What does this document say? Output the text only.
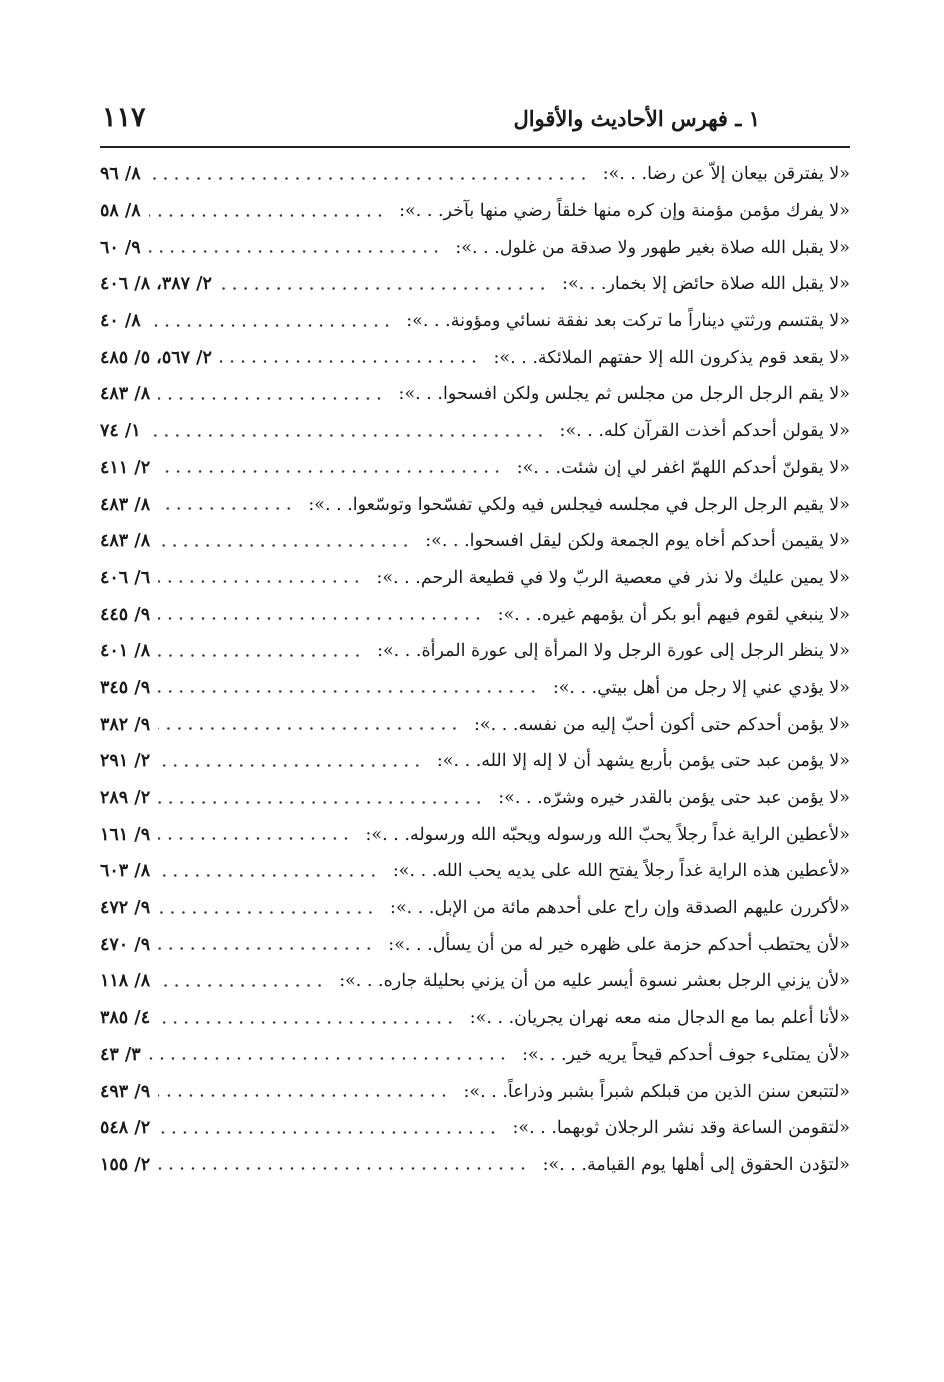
١ ـ فهرس الأحاديث والأقوال
١١٧
«لا يفترقن بيعان إلاّ عن رضا. . .»:
٨/ ٩٦
«لا يفرك مؤمن مؤمنة وإن كره منها خلقاً رضي منها بآخر. . .»:
٨/ ٥٨
«لا يقبل الله صلاة بغير طهور ولا صدقة من غلول. . .»:
٩/ ٦٠
«لا يقبل الله صلاة حائض إلا بخمار. . .»:
٢/ ٣٨٧، ٨/ ٤٠٦
«لا يقتسم ورثتي ديناراً ما تركت بعد نفقة نسائي ومؤونة. . .»:
٨/ ٤٠
«لا يقعد قوم يذكرون الله إلا حفتهم الملائكة. . .»:
٢/ ٥٦٧، ٥/ ٤٨٥
«لا يقم الرجل الرجل من مجلس ثم يجلس ولكن افسحوا. . .»:
٨/ ٤٨٣
«لا يقولن أحدكم أخذت القرآن كله. . .»:
١/ ٧٤
«لا يقولنّ أحدكم اللهمّ اغفر لي إن شئت. . .»:
٢/ ٤١١
«لا يقيم الرجل الرجل في مجلسه فيجلس فيه ولكي تفسّحوا وتوسّعوا. . .»:
٨/ ٤٨٣
«لا يقيمن أحدكم أخاه يوم الجمعة ولكن ليقل افسحوا. . .»:
٨/ ٤٨٣
«لا يمين عليك ولا نذر في معصية الربّ ولا في قطيعة الرحم. . .»:
٦/ ٤٠٦
«لا ينبغي لقوم فيهم أبو بكر أن يؤمهم غيره. . .»:
٩/ ٤٤٥
«لا ينظر الرجل إلى عورة الرجل ولا المرأة إلى عورة المرأة. . .»:
٨/ ٤٠١
«لا يؤدي عني إلا رجل من أهل بيتي. . .»:
٩/ ٣٤٥
«لا يؤمن أحدكم حتى أكون أحبّ إليه من نفسه. . .»:
٩/ ٣٨٢
«لا يؤمن عبد حتى يؤمن بأربع يشهد أن لا إله إلا الله. . .»:
٢/ ٢٩١
«لا يؤمن عبد حتى يؤمن بالقدر خيره وشرّه. . .»:
٢/ ٢٨٩
«لأعطين الراية غداً رجلاً يحبّ الله ورسوله ويحبّه الله ورسوله. . .»:
٩/ ١٦١
«لأعطين هذه الراية غداً رجلاً يفتح الله على يديه يحب الله. . .»:
٨/ ٦٠٣
«لأكررن عليهم الصدقة وإن راح على أحدهم مائة من الإبل. . .»:
٩/ ٤٧٢
«لأن يحتطب أحدكم حزمة على ظهره خير له من أن يسأل. . .»:
٩/ ٤٧٠
«لأن يزني الرجل بعشر نسوة أيسر عليه من أن يزني بحليلة جاره. . .»:
٨/ ١١٨
«لأنا أعلم بما مع الدجال منه معه نهران يجريان. . .»:
٤/ ٣٨٥
«لأن يمتلىء جوف أحدكم قيحاً يريه خير. . .»:
٣/ ٤٣
«لتتبعن سنن الذين من قبلكم شبراً بشبر وذراعاً. . .»:
٩/ ٤٩٣
«لتقومن الساعة وقد نشر الرجلان ثوبهما. . .»:
٢/ ٥٤٨
«لتؤدن الحقوق إلى أهلها يوم القيامة. . .»:
٢/ ١٥٥
